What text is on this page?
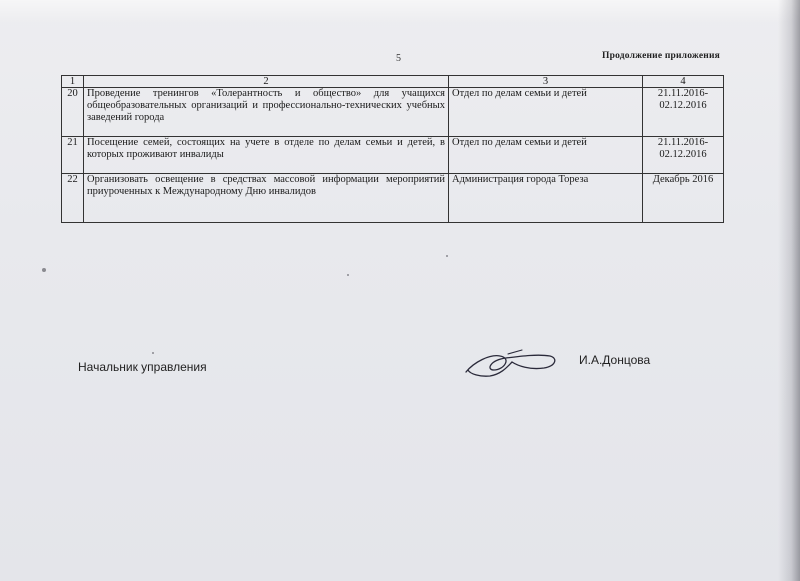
5	Продолжение приложения
1	2	3	4
20	Проведение тренингов «Толерантность и общество» для учащихся общеобразовательных организаций и профессионально-технических учебных заведений города	Отдел по делам семьи и детей	21.11.2016-02.12.2016
21	Посещение семей, состоящих на учете в отделе по делам семьи и детей, в которых проживают инвалиды	Отдел по делам семьи и детей	21.11.2016-02.12.2016
22	Организовать освещение в средствах массовой информации мероприятий приуроченных к Международному Дню инвалидов	Администрация города Тореза	Декабрь 2016
Начальник управления	И.А.Донцова
